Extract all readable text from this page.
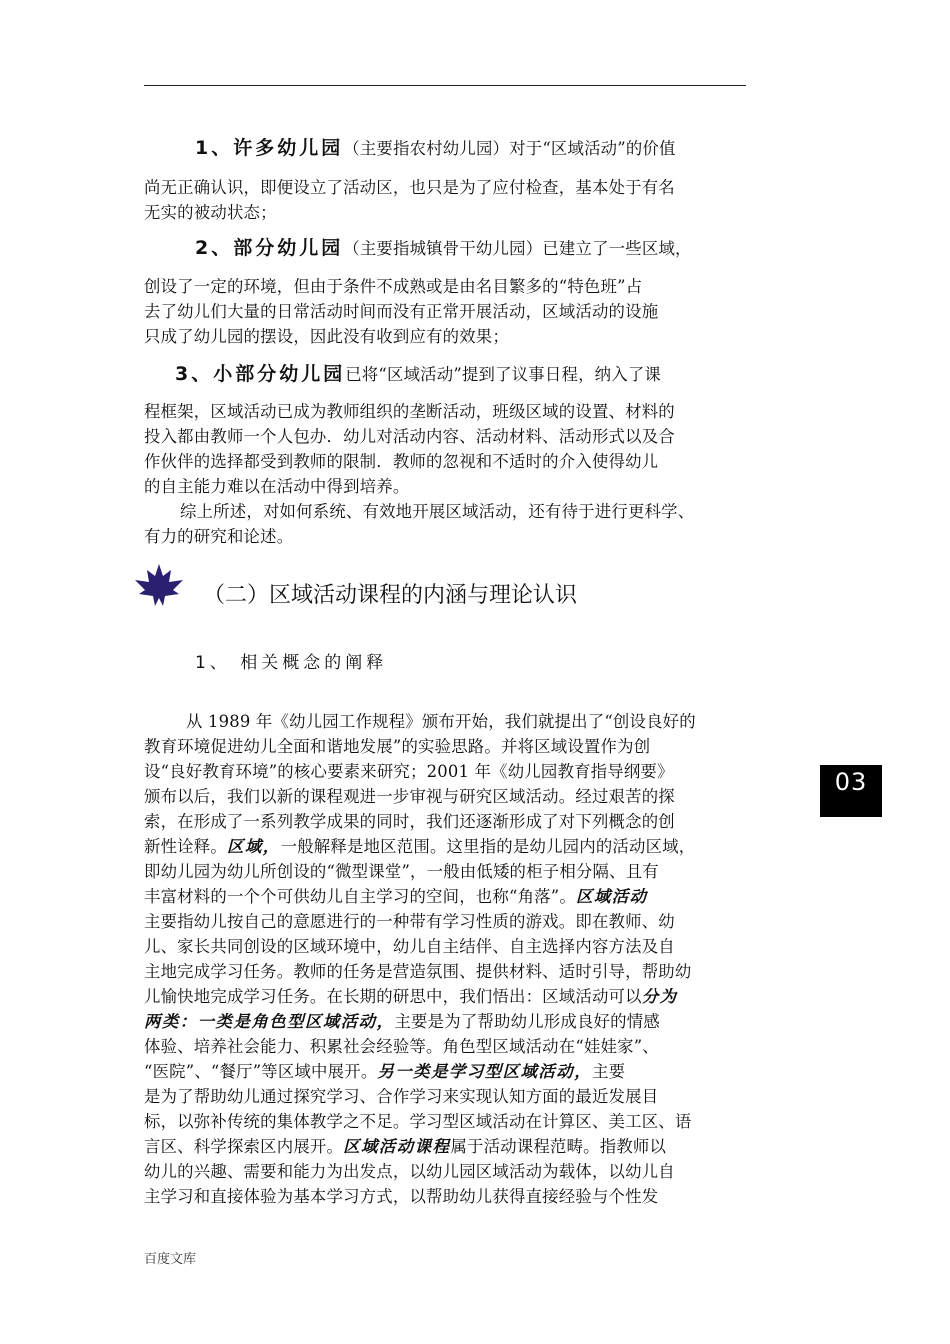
1、许多幼儿园（主要指农村幼儿园）对于“区域活动”的价值
尚无正确认识，即便设立了活动区，也只是为了应付检查，基本处于有名
无实的被动状态；
2、部分幼儿园（主要指城镇骨干幼儿园）已建立了一些区域，
创设了一定的环境，但由于条件不成熟或是由名目繁多的“特色班”占
去了幼儿们大量的日常活动时间而没有正常开展活动，区域活动的设施
只成了幼儿园的摆设，因此没有收到应有的效果；
3、小部分幼儿园已将“区域活动”提到了议事日程，纳入了课
程框架，区域活动已成为教师组织的垄断活动，班级区域的设置、材料的
投入都由教师一个人包办．幼儿对活动内容、活动材料、活动形式以及合
作伙伴的选择都受到教师的限制．教师的忽视和不适时的介入使得幼儿
的自主能力难以在活动中得到培养。
综上所述，对如何系统、有效地开展区域活动，还有待于进行更科学、
有力的研究和论述。
（二）区域活动课程的内涵与理论认识
1、 相关概念的阐释
从 1989 年《幼儿园工作规程》颁布开始，我们就提出了“创设良好的
教育环境促进幼儿全面和谐地发展”的实验思路。并将区域设置作为创
设“良好教育环境”的核心要素来研究；2001 年《幼儿园教育指导纲要》
颁布以后，我们以新的课程观进一步审视与研究区域活动。经过艰苦的探
索，在形成了一系列教学成果的同时，我们还逐渐形成了对下列概念的创
新性诠释。区域，一般解释是地区范围。这里指的是幼儿园内的活动区域，
即幼儿园为幼儿所创设的“微型课堂”，一般由低矮的柜子相分隔、且有
丰富材料的一个个可供幼儿自主学习的空间，也称“角落”。区域活动
主要指幼儿按自己的意愿进行的一种带有学习性质的游戏。即在教师、幼
儿、家长共同创设的区域环境中，幼儿自主结伴、自主选择内容方法及自
主地完成学习任务。教师的任务是营造氛围、提供材料、适时引导，帮助幼
儿愉快地完成学习任务。在长期的研思中，我们悟出：区域活动可以分为
两类：一类是角色型区域活动，主要是为了帮助幼儿形成良好的情感
体验、培养社会能力、积累社会经验等。角色型区域活动在“娃娃家”、
“医院”、“餐厅”等区域中展开。另一类是学习型区域活动，主要
是为了帮助幼儿通过探究学习、合作学习来实现认知方面的最近发展目
标，以弥补传统的集体教学之不足。学习型区域活动在计算区、美工区、语
言区、科学探索区内展开。区域活动课程属于活动课程范畴。指教师以
幼儿的兴趣、需要和能力为出发点，以幼儿园区域活动为载体，以幼儿自
主学习和直接体验为基本学习方式，以帮助幼儿获得直接经验与个性发
03
百度文库
